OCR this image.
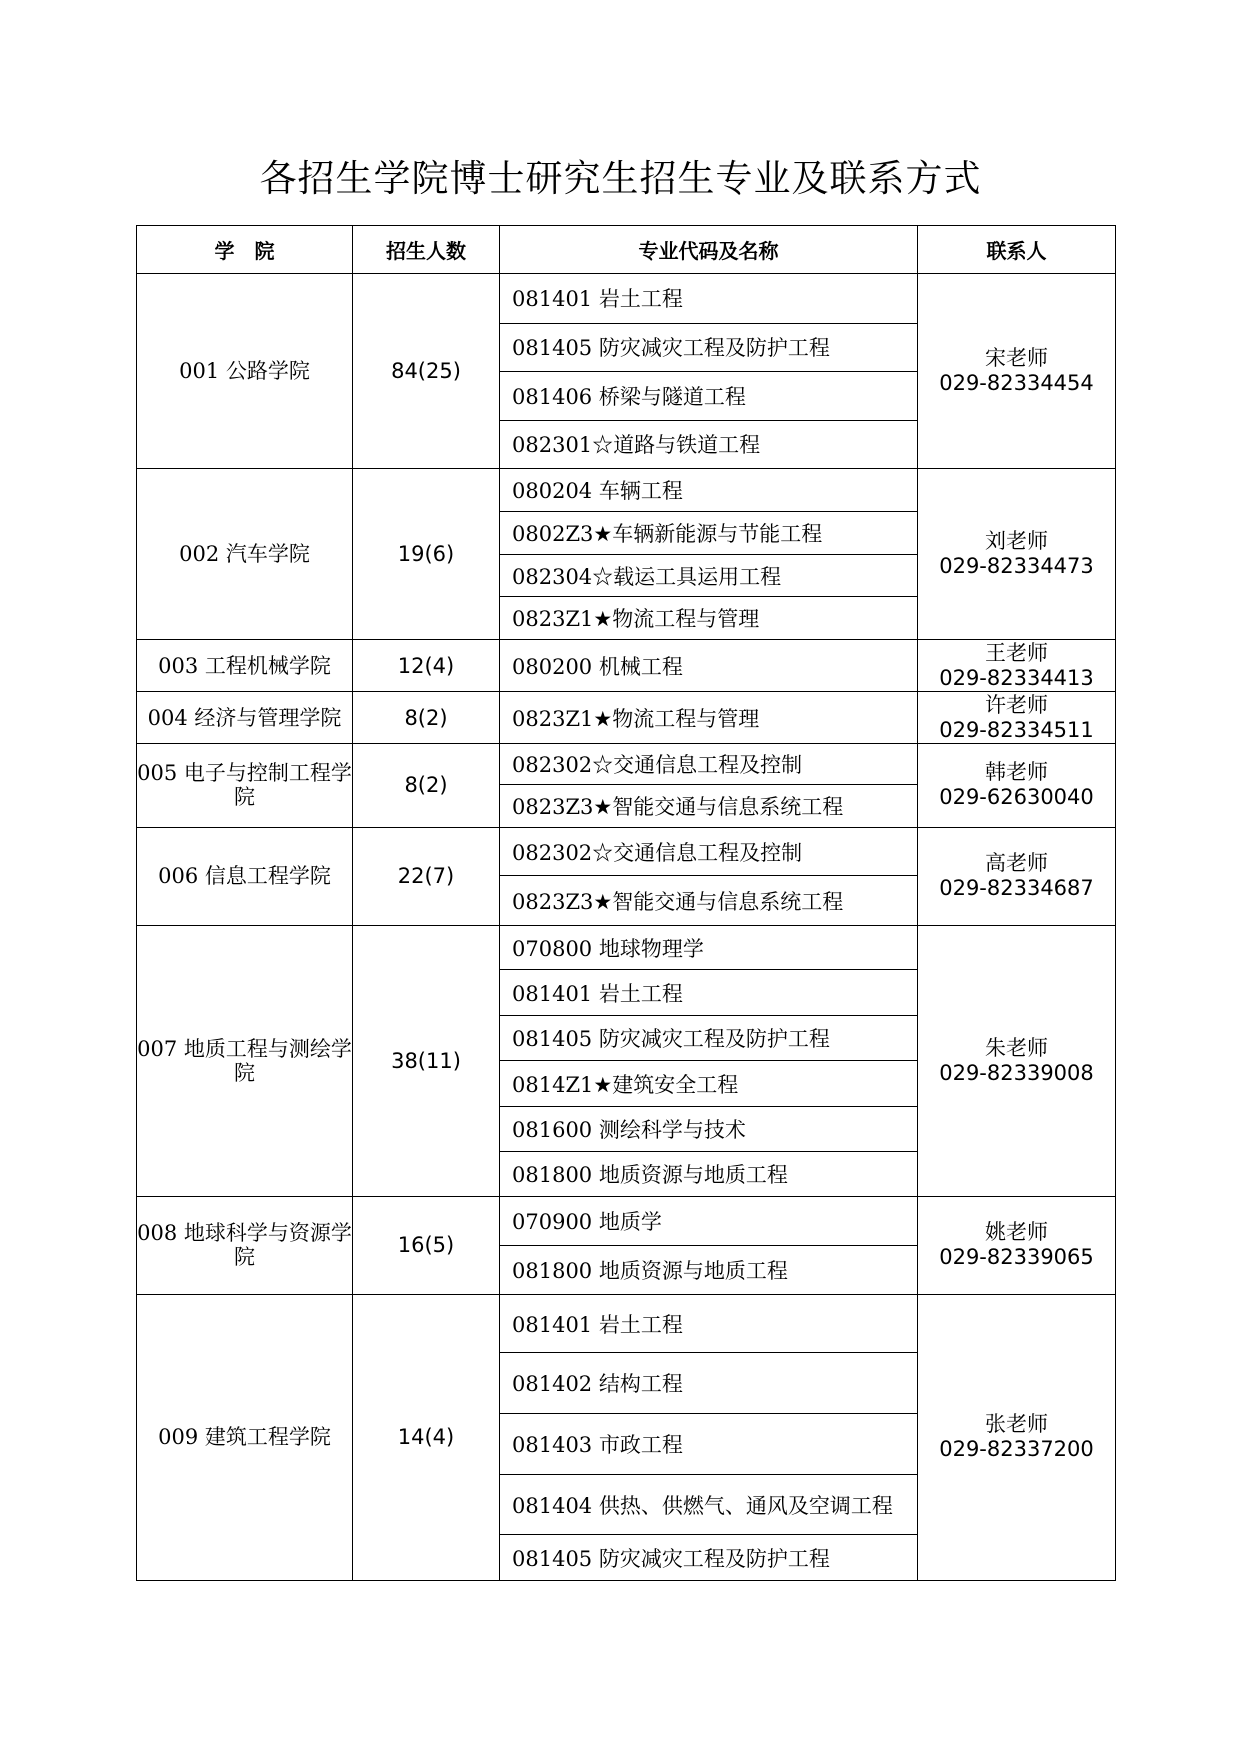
各招生学院博士研究生招生专业及联系方式
学　院	招生人数	专业代码及名称	联系人
001 公路学院	84(25)	081401 岩土工程	宋老师
029-82334454

		081405 防灾减灾工程及防护工程	
		081406 桥梁与隧道工程	
		082301☆道路与铁道工程	
002 汽车学院	19(6)	080204 车辆工程	刘老师
029-82334473

		0802Z3★车辆新能源与节能工程	
		082304☆载运工具运用工程	
		0823Z1★物流工程与管理	
003 工程机械学院	12(4)	080200 机械工程	王老师
029-82334413

004 经济与管理学院	8(2)	0823Z1★物流工程与管理	许老师
029-82334511

005 电子与控制工程学院	8(2)	082302☆交通信息工程及控制	韩老师
029-62630040

		0823Z3★智能交通与信息系统工程	
006 信息工程学院	22(7)	082302☆交通信息工程及控制	高老师
029-82334687

		0823Z3★智能交通与信息系统工程	
007 地质工程与测绘学院	38(11)	070800 地球物理学	朱老师
029-82339008

		081401 岩土工程	
		081405 防灾减灾工程及防护工程	
		0814Z1★建筑安全工程	
		081600 测绘科学与技术	
		081800 地质资源与地质工程	
008 地球科学与资源学院	16(5)	070900 地质学	姚老师
029-82339065

		081800 地质资源与地质工程	
009 建筑工程学院	14(4)	081401 岩土工程	张老师
029-82337200

		081402 结构工程	
		081403 市政工程	
		081404 供热、供燃气、通风及空调工程	
		081405 防灾减灾工程及防护工程	
